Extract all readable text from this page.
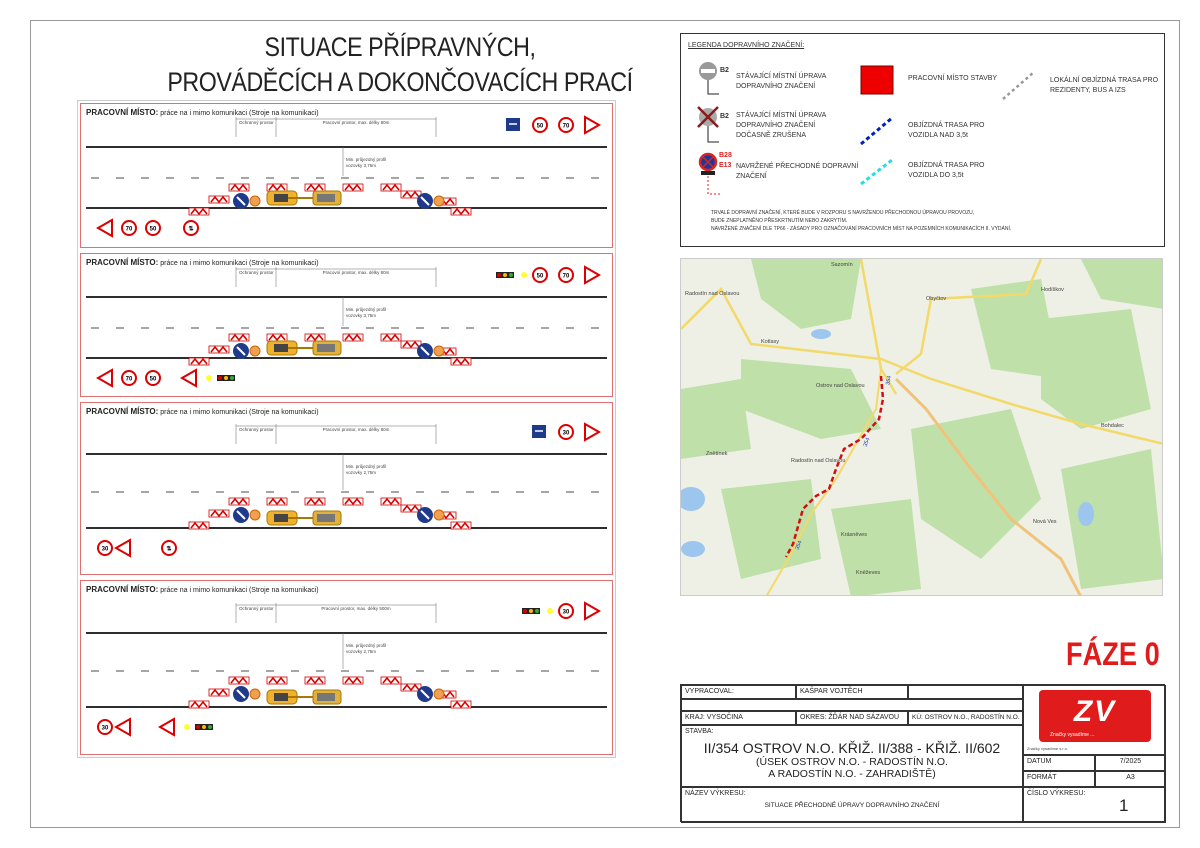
SITUACE PŘÍPRAVNÝCH,
PROVÁDĚCÍCH A DOKONČOVACÍCH PRACÍ
70
50
70	50	⇅
PRACOVNÍ MÍSTO: práce na i mimo komunikaci (Stroje na komunikaci)
Ochranný prostor	Pracovní prostor, max. délky 80m
Min. průjezdný profil vozovky 3,75m
70
50
70	50
PRACOVNÍ MÍSTO: práce na i mimo komunikaci (Stroje na komunikaci)
Ochranný prostor	Pracovní prostor, max. délky 80m
Min. průjezdný profil vozovky 3,75m
30
30	⇅
PRACOVNÍ MÍSTO: práce na i mimo komunikaci (Stroje na komunikaci)
Ochranný prostor	Pracovní prostor, max. délky 80m
Min. průjezdný profil vozovky 2,75m
30
30
PRACOVNÍ MÍSTO: práce na i mimo komunikaci (Stroje na komunikaci)
Ochranný prostor	Pracovní prostor, max. délky 500m
Min. průjezdný profil vozovky 2,75m
LEGENDA DOPRAVNÍHO ZNAČENÍ:
B2
STÁVAJÍCÍ MÍSTNÍ ÚPRAVA
DOPRAVNÍHO ZNAČENÍ
B2 STÁVAJÍCÍ MÍSTNÍ ÚPRAVA
DOPRAVNÍHO ZNAČENÍ
DOČASNĚ ZRUŠENA
B28
E13 NAVRŽENÉ PŘECHODNÉ DOPRAVNÍ
ZNAČENÍ
PRACOVNÍ MÍSTO STAVBY
OBJÍZDNÁ TRASA PRO
VOZIDLA NAD 3,5t
OBJÍZDNÁ TRASA PRO
VOZIDLA DO 3,5t
LOKÁLNÍ OBJÍZDNÁ TRASA PRO
REZIDENTY, BUS A IZS
TRVALÉ DOPRAVNÍ ZNAČENÍ, KTERÉ BUDE V ROZPORU S NAVRŽENOU PŘECHODNOU ÚPRAVOU PROVOZU,
BUDE ZNEPLATNĚNO PŘESKRTNUTÍM NEBO ZAKRYTÍM.
NAVRŽENÉ ZNAČENÍ DLE TP66 - ZÁSADY PRO OZNAČOVÁNÍ PRACOVNÍCH MÍST NA POZEMNÍCH KOMUNIKACÍCH II. VYDÁNÍ.
Sazomín
Radostín nad Oslavou
Kotlasy
Obyčtov
Hodíškov
Ostrov nad Oslavou
Radostín nad Oslavou
Znětínek
Bohdalec
Krásněves
Kněževes
Nová Ves
354
354
354
FÁZE 0
VYPRACOVAL:	KAŠPAR VOJTĚCH
KRAJ: VYSOČINA	OKRES: ŽĎÁR NAD SÁZAVOU	KÚ: OSTROV N.O., RADOSTÍN N.O.
STAVBA:
II/354 OSTROV N.O. KŘIŽ. II/388 - KŘIŽ. II/602
(ÚSEK OSTROV N.O. - RADOSTÍN N.O.
A RADOSTÍN N.O. - ZAHRADIŠTĚ)
NÁZEV VÝKRESU:
SITUACE PŘECHODNÉ ÚPRAVY DOPRAVNÍHO ZNAČENÍ
ZV
Značky vysadíme ...
Značky vysadíme s.r.o.
DATUM	7/2025
FORMÁT	A3
ČÍSLO VÝKRESU:
1
